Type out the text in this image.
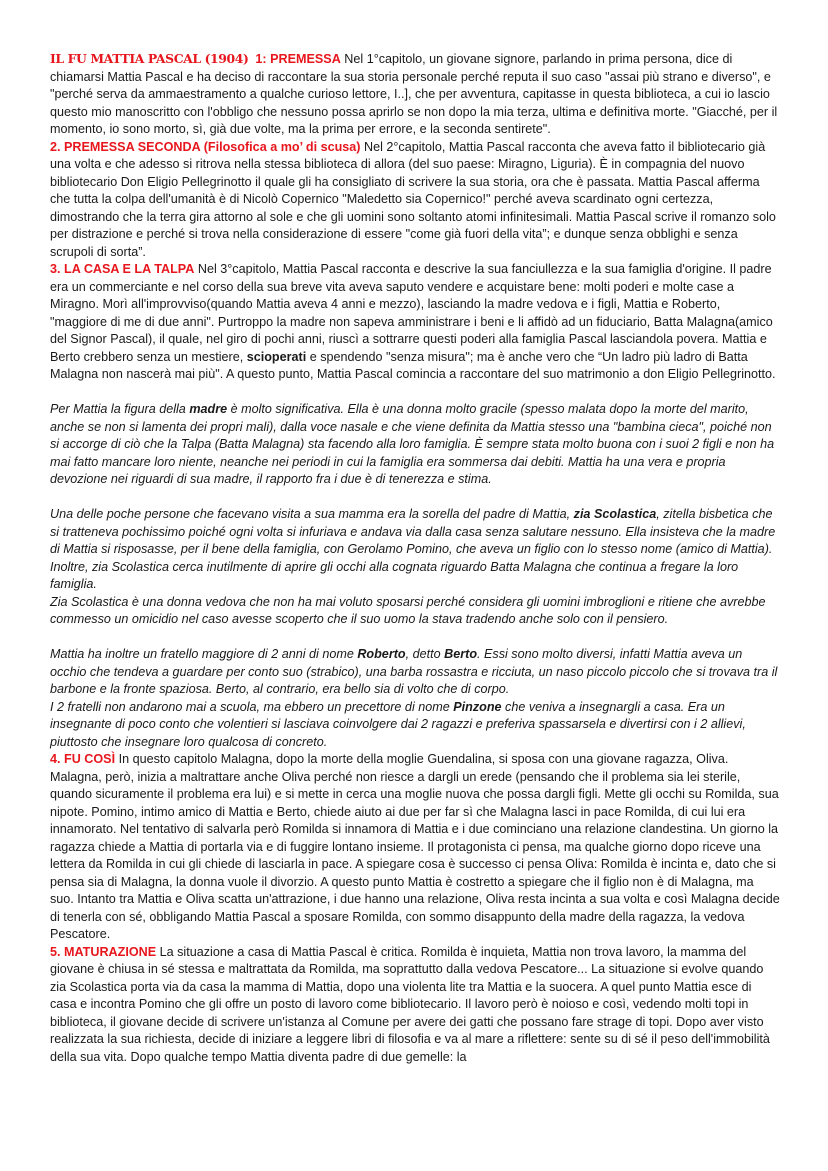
IL FU MATTIA PASCAL (1904) 1: PREMESSA Nel 1°capitolo, un giovane signore, parlando in prima persona, dice di chiamarsi Mattia Pascal e ha deciso di raccontare la sua storia personale perché reputa il suo caso "assai più strano e diverso", e "perché serva da ammaestramento a qualche curioso lettore, I..], che per avventura, capitasse in questa biblioteca, a cui io lascio questo mio manoscritto con l'obbligo che nessuno possa aprirlo se non dopo la mia terza, ultima e definitiva morte. "Giacché, per il momento, io sono morto, sì, già due volte, ma la prima per errore, e la seconda sentirete".

2. PREMESSA SECONDA (Filosofica a mo’ di scusa) Nel 2°capitolo, Mattia Pascal racconta che aveva fatto il bibliotecario già una volta e che adesso si ritrova nella stessa biblioteca di allora (del suo paese: Miragno, Liguria). È in compagnia del nuovo bibliotecario Don Eligio Pellegrinotto il quale gli ha consigliato di scrivere la sua storia, ora che è passata. Mattia Pascal afferma che tutta la colpa dell'umanità è di Nicolò Copernico "Maledetto sia Copernico!" perché aveva scardinato ogni certezza, dimostrando che la terra gira attorno al sole e che gli uomini sono soltanto atomi infinitesimali. Mattia Pascal scrive il romanzo solo per distrazione e perché si trova nella considerazione di essere "come già fuori della vita”; e dunque senza obblighi e senza scrupoli di sorta”.

3. LA CASA E LA TALPA Nel 3°capitolo, Mattia Pascal racconta e descrive la sua fanciullezza e la sua famiglia d'origine. Il padre era un commerciante e nel corso della sua breve vita aveva saputo vendere e acquistare bene: molti poderi e molte case a Miragno. Morì all'improvviso(quando Mattia aveva 4 anni e mezzo), lasciando la madre vedova e i figli, Mattia e Roberto, "maggiore di me di due anni". Purtroppo la madre non sapeva amministrare i beni e li affidò ad un fiduciario, Batta Malagna(amico del Signor Pascal), il quale, nel giro di pochi anni, riuscì a sottrarre questi poderi alla famiglia Pascal lasciandola povera. Mattia e Berto crebbero senza un mestiere, scioperati e spendendo "senza misura"; ma è anche vero che “Un ladro più ladro di Batta Malagna non nascerà mai più". A questo punto, Mattia Pascal comincia a raccontare del suo matrimonio a don Eligio Pellegrinotto.

Per Mattia la figura della madre è molto significativa. Ella è una donna molto gracile (spesso malata dopo la morte del marito, anche se non si lamenta dei propri mali), dalla voce nasale e che viene definita da Mattia stesso una "bambina cieca", poiché non si accorge di ciò che la Talpa (Batta Malagna) sta facendo alla loro famiglia. È sempre stata molto buona con i suoi 2 figli e non ha mai fatto mancare loro niente, neanche nei periodi in cui la famiglia era sommersa dai debiti. Mattia ha una vera e propria devozione nei riguardi di sua madre, il rapporto fra i due è di tenerezza e stima.

Una delle poche persone che facevano visita a sua mamma era la sorella del padre di Mattia, zia Scolastica, zitella bisbetica che si tratteneva pochissimo poiché ogni volta si infuriava e andava via dalla casa senza salutare nessuno. Ella insisteva che la madre di Mattia si risposasse, per il bene della famiglia, con Gerolamo Pomino, che aveva un figlio con lo stesso nome (amico di Mattia). Inoltre, zia Scolastica cerca inutilmente di aprire gli occhi alla cognata riguardo Batta Malagna che continua a fregare la loro famiglia.

Zia Scolastica è una donna vedova che non ha mai voluto sposarsi perché considera gli uomini imbroglioni e ritiene che avrebbe commesso un omicidio nel caso avesse scoperto che il suo uomo la stava tradendo anche solo con il pensiero.

Mattia ha inoltre un fratello maggiore di 2 anni di nome Roberto, detto Berto. Essi sono molto diversi, infatti Mattia aveva un occhio che tendeva a guardare per conto suo (strabico), una barba rossastra e ricciuta, un naso piccolo piccolo che si trovava tra il barbone e la fronte spaziosa. Berto, al contrario, era bello sia di volto che di corpo.

I 2 fratelli non andarono mai a scuola, ma ebbero un precettore di nome Pinzone che veniva a insegnargli a casa. Era un insegnante di poco conto che volentieri si lasciava coinvolgere dai 2 ragazzi e preferiva spassarsela e divertirsi con i 2 allievi, piuttosto che insegnare loro qualcosa di concreto.

4. FU COSÌ In questo capitolo Malagna, dopo la morte della moglie Guendalina, si sposa con una giovane ragazza, Oliva. Malagna, però, inizia a maltrattare anche Oliva perché non riesce a dargli un erede (pensando che il problema sia lei sterile, quando sicuramente il problema era lui) e si mette in cerca una moglie nuova che possa dargli figli. Mette gli occhi su Romilda, sua nipote. Pomino, intimo amico di Mattia e Berto, chiede aiuto ai due per far sì che Malagna lasci in pace Romilda, di cui lui era innamorato. Nel tentativo di salvarla però Romilda si innamora di Mattia e i due cominciano una relazione clandestina. Un giorno la ragazza chiede a Mattia di portarla via e di fuggire lontano insieme. Il protagonista ci pensa, ma qualche giorno dopo riceve una lettera da Romilda in cui gli chiede di lasciarla in pace. A spiegare cosa è successo ci pensa Oliva: Romilda è incinta e, dato che si pensa sia di Malagna, la donna vuole il divorzio. A questo punto Mattia è costretto a spiegare che il figlio non è di Malagna, ma suo. Intanto tra Mattia e Oliva scatta un'attrazione, i due hanno una relazione, Oliva resta incinta a sua volta e così Malagna decide di tenerla con sé, obbligando Mattia Pascal a sposare Romilda, con sommo disappunto della madre della ragazza, la vedova Pescatore.

5. MATURAZIONE La situazione a casa di Mattia Pascal è critica. Romilda è inquieta, Mattia non trova lavoro, la mamma del giovane è chiusa in sé stessa e maltrattata da Romilda, ma soprattutto dalla vedova Pescatore... La situazione si evolve quando zia Scolastica porta via da casa la mamma di Mattia, dopo una violenta lite tra Mattia e la suocera. A quel punto Mattia esce di casa e incontra Pomino che gli offre un posto di lavoro come bibliotecario. Il lavoro però è noioso e così, vedendo molti topi in biblioteca, il giovane decide di scrivere un'istanza al Comune per avere dei gatti che possano fare strage di topi. Dopo aver visto realizzata la sua richiesta, decide di iniziare a leggere libri di filosofia e va al mare a riflettere: sente su di sé il peso dell'immobilità della sua vita. Dopo qualche tempo Mattia diventa padre di due gemelle: la
